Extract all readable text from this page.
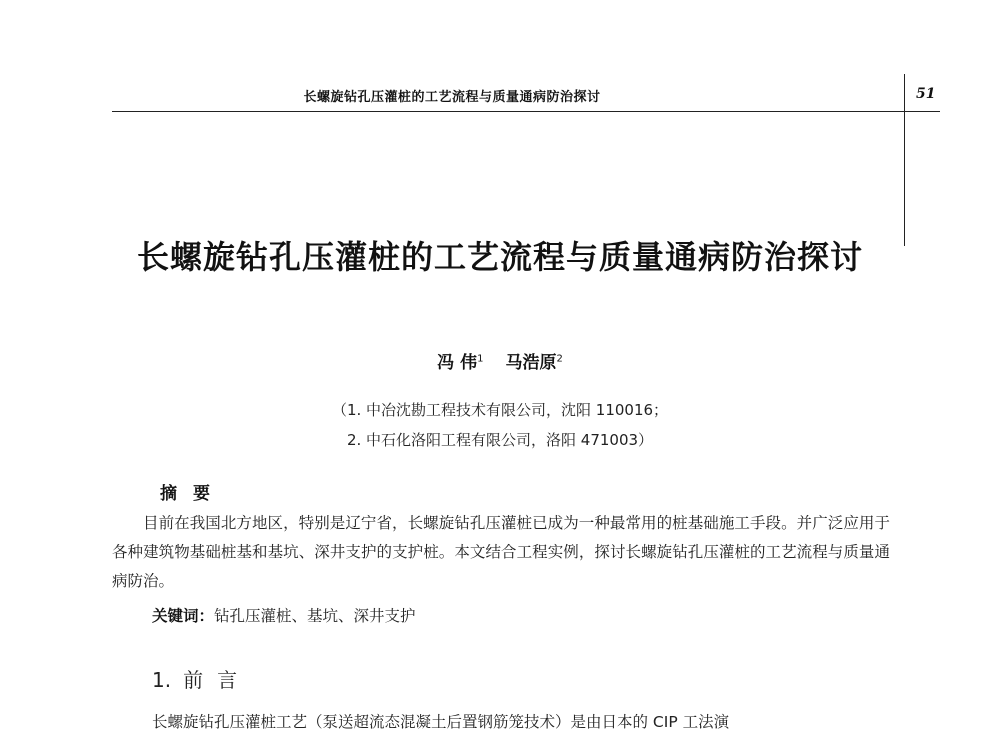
长螺旋钻孔压灌桩的工艺流程与质量通病防治探讨	51
长螺旋钻孔压灌桩的工艺流程与质量通病防治探讨
冯 伟$^1$ 马浩原$^2$
（1. 中冶沈勘工程技术有限公司，沈阳 110016；
2. 中石化洛阳工程有限公司，洛阳 471003）
摘要
目前在我国北方地区，特别是辽宁省，长螺旋钻孔压灌桩已成为一种最常用的桩基础施工手段。并广泛应用于各种建筑物基础桩基和基坑、深井支护的支护桩。本文结合工程实例，探讨长螺旋钻孔压灌桩的工艺流程与质量通病防治。
关键词：钻孔压灌桩、基坑、深井支护
1. 前言
长螺旋钻孔压灌桩工艺（泵送超流态混凝土后置钢筋笼技术）是由日本的 CIP 工法演
